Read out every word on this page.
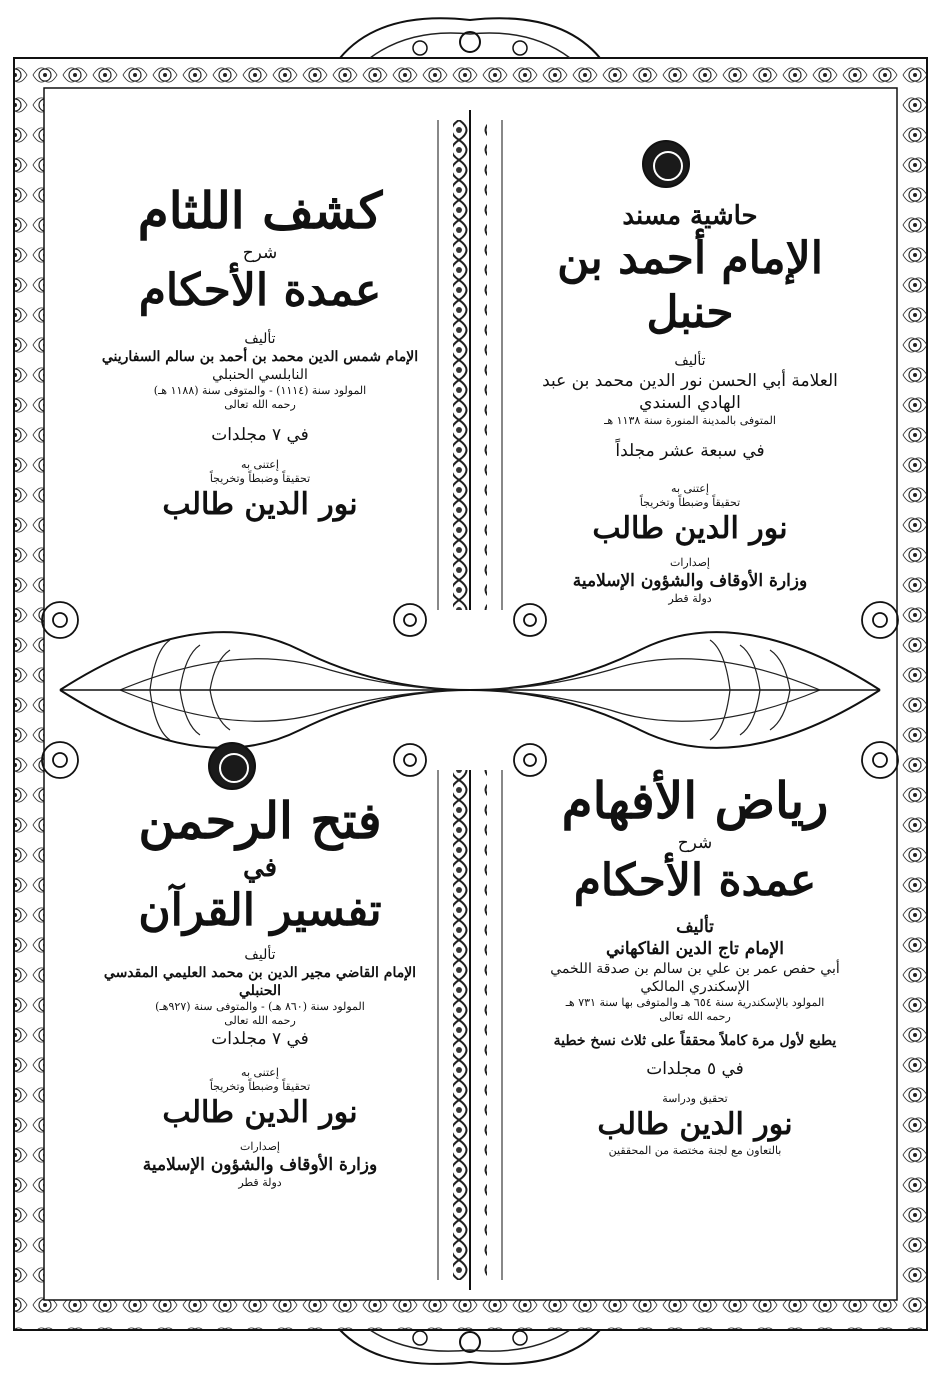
حاشية مسند
الإمام أحمد بن حنبل
تأليف
العلامة أبي الحسن نور الدين محمد بن عبد الهادي السندي
المتوفى بالمدينة المنورة سنة ١١٣٨ هـ
في سبعة عشر مجلداً
إعتنى به
تحقيقاً وضبطاً وتخريجاً
نور الدين طالب
إصدارات
وزارة الأوقاف والشؤون الإسلامية
دولة قطر
كشف اللثام
شرح
عمدة الأحكام
تأليف
الإمام شمس الدين محمد بن أحمد بن سالم السفاريني
النابلسي الحنبلي
المولود سنة (١١١٤) - والمتوفى سنة (١١٨٨ هـ)
رحمه الله تعالى
في ٧ مجلدات
إعتنى به
تحقيقاً وضبطاً وتخريجاً
نور الدين طالب
رياض الأفهام
شرح
عمدة الأحكام
تأليف
الإمام تاج الدين الفاكهاني
أبي حفص عمر بن علي بن سالم بن صدقة اللخمي الإسكندري المالكي
المولود بالإسكندرية سنة ٦٥٤ هـ والمتوفى بها سنة ٧٣١ هـ
رحمه الله تعالى
يطبع لأول مرة كاملاً محققاً على ثلاث نسخ خطية
في ٥ مجلدات
تحقيق ودراسة
نور الدين طالب
بالتعاون مع لجنة مختصة من المحققين
فتح الرحمن
في
تفسير القرآن
تأليف
الإمام القاضي مجير الدين بن محمد العليمي المقدسي الحنبلي
المولود سنة (٨٦٠ هـ) - والمتوفى سنة (٩٢٧هـ)
رحمه الله تعالى
في ٧ مجلدات
إعتنى به
تحقيقاً وضبطاً وتخريجاً
نور الدين طالب
إصدارات
وزارة الأوقاف والشؤون الإسلامية
دولة قطر
